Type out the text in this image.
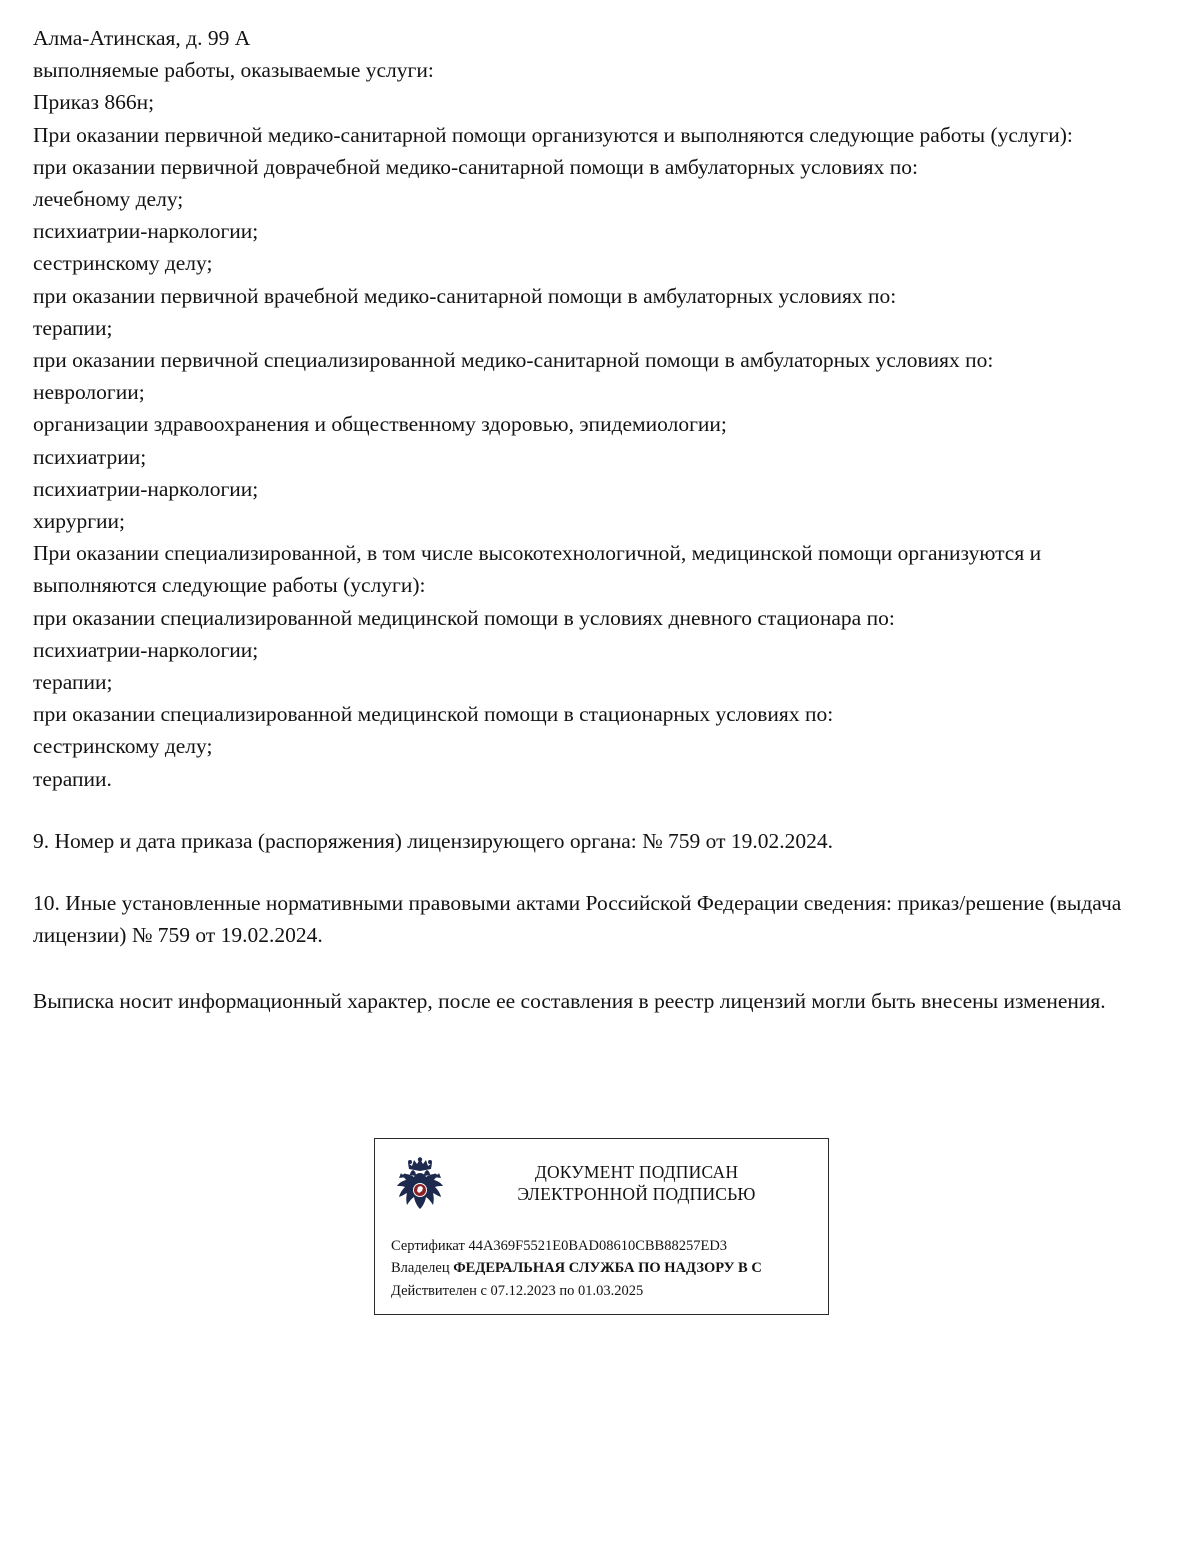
Алма-Атинская, д. 99 А
выполняемые работы, оказываемые услуги:
Приказ 866н;
При оказании первичной медико-санитарной помощи организуются и выполняются следующие работы (услуги):
при оказании первичной доврачебной медико-санитарной помощи в амбулаторных условиях по:
лечебному делу;
психиатрии-наркологии;
сестринскому делу;
при оказании первичной врачебной медико-санитарной помощи в амбулаторных условиях по:
терапии;
при оказании первичной специализированной медико-санитарной помощи в амбулаторных условиях по:
неврологии;
организации здравоохранения и общественному здоровью, эпидемиологии;
психиатрии;
психиатрии-наркологии;
хирургии;
При оказании специализированной, в том числе высокотехнологичной, медицинской помощи организуются и выполняются следующие работы (услуги):
при оказании специализированной медицинской помощи в условиях дневного стационара по:
психиатрии-наркологии;
терапии;
при оказании специализированной медицинской помощи в стационарных условиях по:
сестринскому делу;
терапии.
9. Номер и дата приказа (распоряжения) лицензирующего органа: № 759 от 19.02.2024.
10. Иные установленные нормативными правовыми актами Российской Федерации сведения: приказ/решение (выдача лицензии) № 759 от 19.02.2024.
Выписка носит информационный характер, после ее составления в реестр лицензий могли быть внесены изменения.
ДОКУМЕНТ ПОДПИСАН
ЭЛЕКТРОННОЙ ПОДПИСЬЮ
Сертификат 44A369F5521E0BAD08610CBB88257ED3
Владелец ФЕДЕРАЛЬНАЯ СЛУЖБА ПО НАДЗОРУ В С
Действителен с 07.12.2023 по 01.03.2025
